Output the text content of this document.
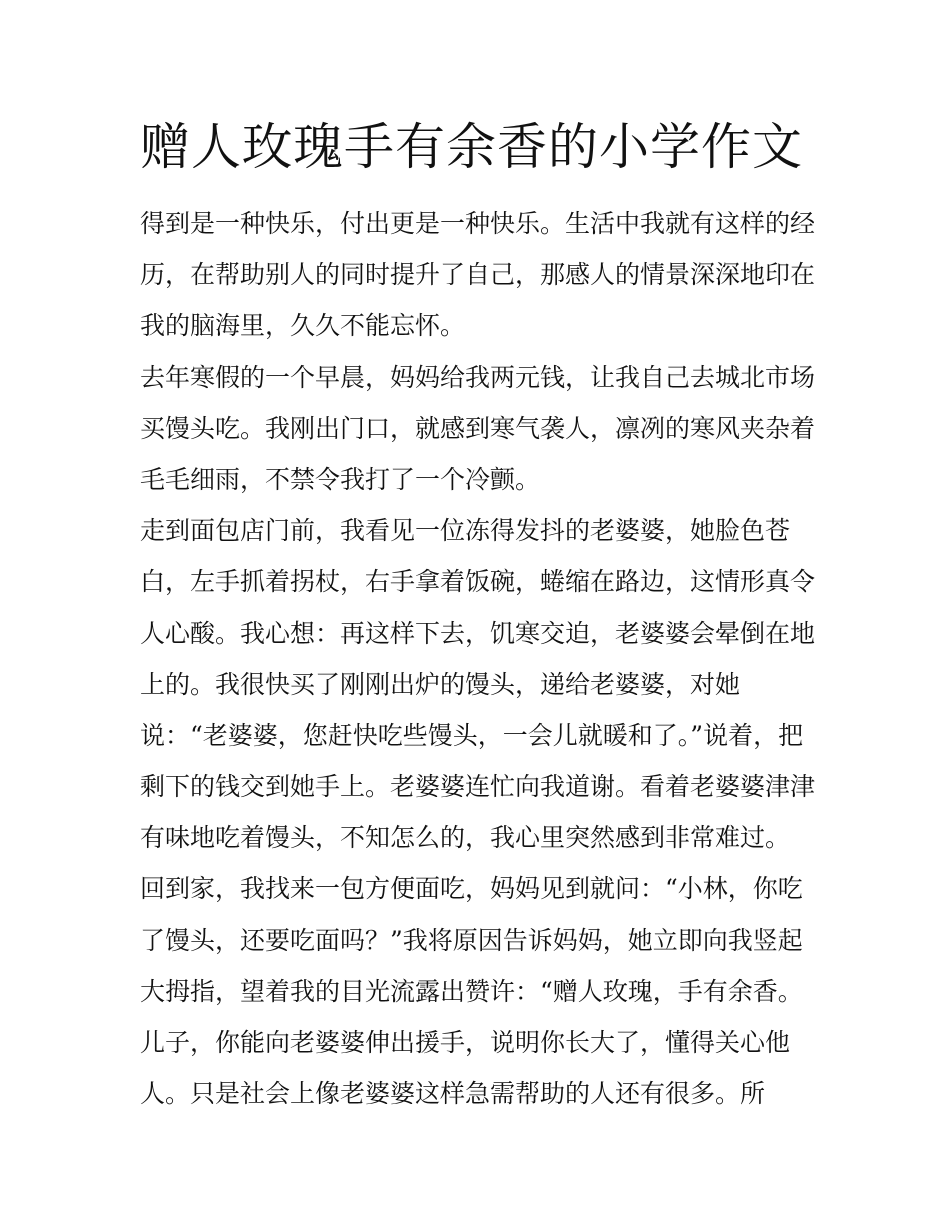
赠人玫瑰手有余香的小学作文
得到是一种快乐，付出更是一种快乐。生活中我就有这样的经
历，在帮助别人的同时提升了自己，那感人的情景深深地印在
我的脑海里，久久不能忘怀。
去年寒假的一个早晨，妈妈给我两元钱，让我自己去城北市场
买馒头吃。我刚出门口，就感到寒气袭人，凛冽的寒风夹杂着
毛毛细雨，不禁令我打了一个冷颤。
走到面包店门前，我看见一位冻得发抖的老婆婆，她脸色苍
白，左手抓着拐杖，右手拿着饭碗，蜷缩在路边，这情形真令
人心酸。我心想：再这样下去，饥寒交迫，老婆婆会晕倒在地
上的。我很快买了刚刚出炉的馒头，递给老婆婆，对她
说：“老婆婆，您赶快吃些馒头，一会儿就暖和了。”说着，把
剩下的钱交到她手上。老婆婆连忙向我道谢。看着老婆婆津津
有味地吃着馒头，不知怎么的，我心里突然感到非常难过。
回到家，我找来一包方便面吃，妈妈见到就问：“小林，你吃
了馒头，还要吃面吗？”我将原因告诉妈妈，她立即向我竖起
大拇指，望着我的目光流露出赞许：“赠人玫瑰，手有余香。
儿子，你能向老婆婆伸出援手，说明你长大了，懂得关心他
人。只是社会上像老婆婆这样急需帮助的人还有很多。所
